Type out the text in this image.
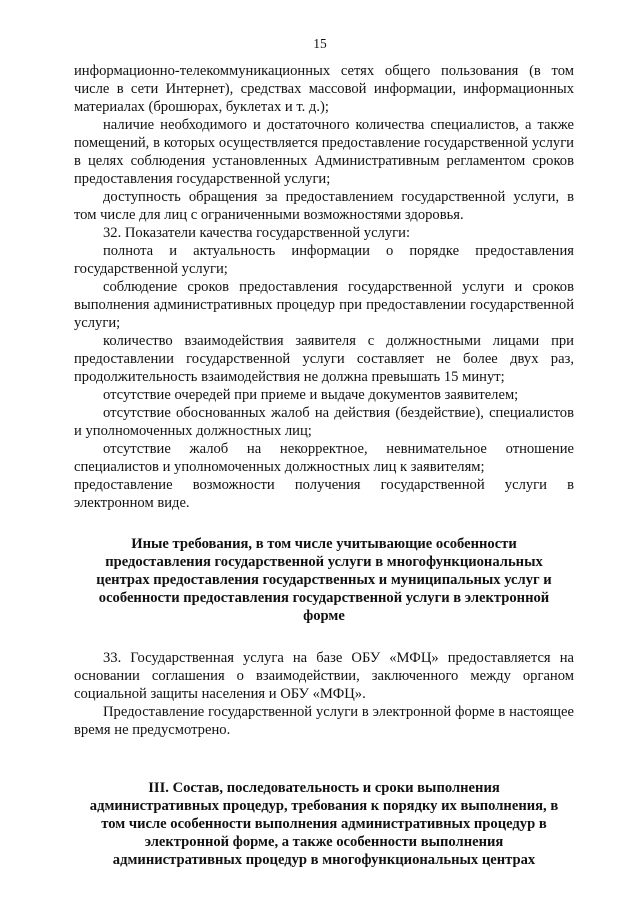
15

информационно-телекоммуникационных сетях общего пользования (в том числе в сети Интернет), средствах массовой информации, информационных материалах (брошюрах, буклетах и т. д.);

наличие необходимого и достаточного количества специалистов, а также помещений, в которых осуществляется предоставление государственной услуги в целях соблюдения установленных Административным регламентом сроков предоставления государственной услуги;

доступность обращения за предоставлением государственной услуги, в том числе для лиц с ограниченными возможностями здоровья.

32. Показатели качества государственной услуги:

полнота и актуальность информации о порядке предоставления государственной услуги;

соблюдение сроков предоставления государственной услуги и сроков выполнения административных процедур при предоставлении государственной услуги;

количество взаимодействия заявителя с должностными лицами при предоставлении государственной услуги составляет не более двух раз, продолжительность взаимодействия не должна превышать 15 минут;

отсутствие очередей при приеме и выдаче документов заявителем;

отсутствие обоснованных жалоб на действия (бездействие), специалистов и уполномоченных должностных лиц;

отсутствие жалоб на некорректное, невнимательное отношение специалистов и уполномоченных должностных лиц к заявителям;

предоставление возможности получения государственной услуги в электронном виде.

Иные требования, в том числе учитывающие особенности предоставления государственной услуги в многофункциональных центрах предоставления государственных и муниципальных услуг и особенности предоставления государственной услуги в электронной форме

33. Государственная услуга на базе ОБУ «МФЦ» предоставляется на основании соглашения о взаимодействии, заключенного между органом социальной защиты населения и ОБУ «МФЦ».

Предоставление государственной услуги в электронной форме в настоящее время не предусмотрено.

III. Состав, последовательность и сроки выполнения административных процедур, требования к порядку их выполнения, в том числе особенности выполнения административных процедур в электронной форме, а также особенности выполнения административных процедур в многофункциональных центрах
